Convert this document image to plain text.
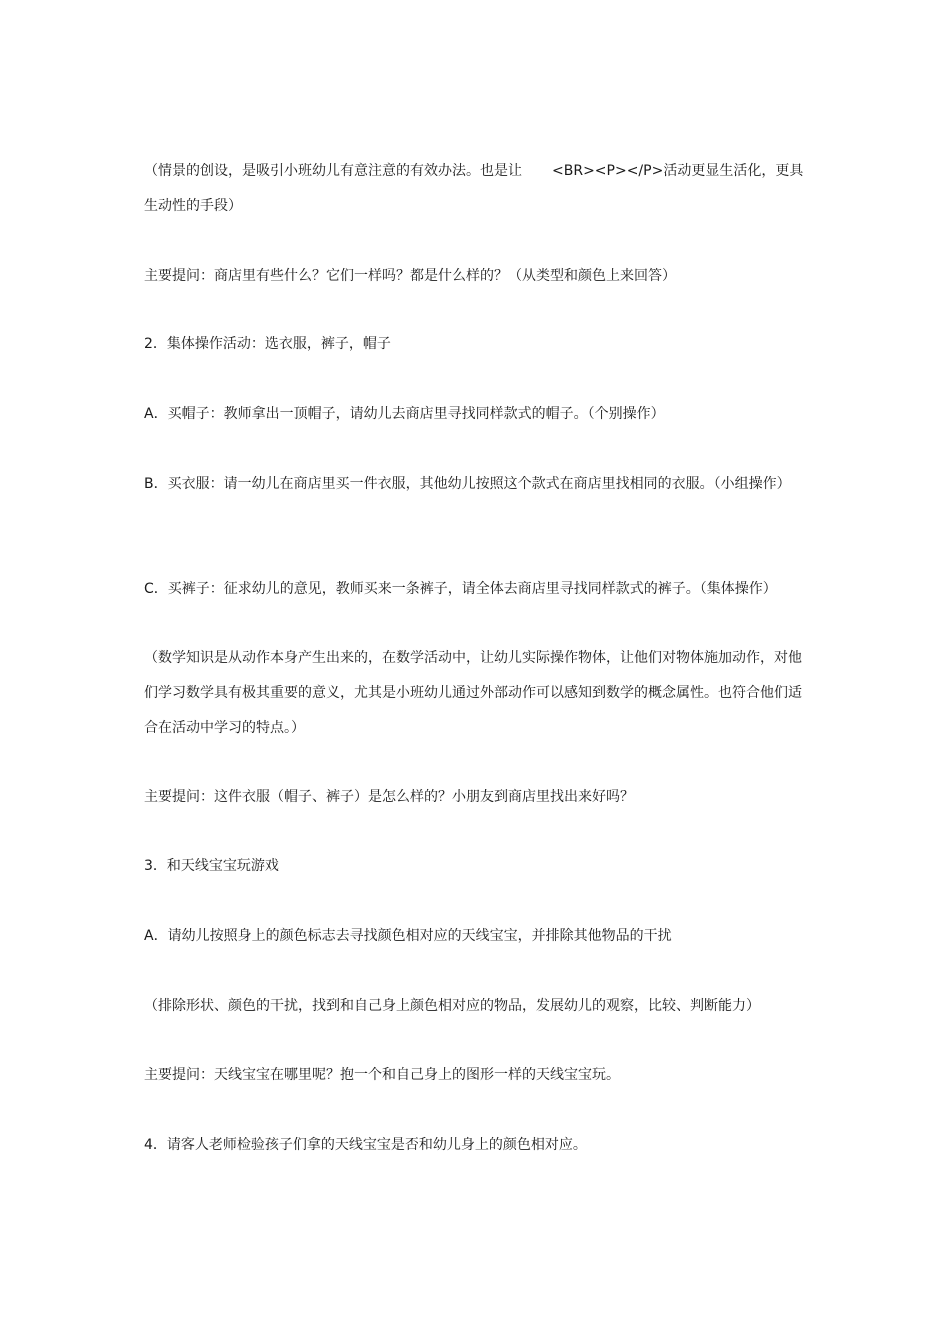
（情景的创设，是吸引小班幼儿有意注意的有效办法。也是让 <BR><P></P>活动更显生活化，更具生动性的手段）

主要提问：商店里有些什么？它们一样吗？都是什么样的？（从类型和颜色上来回答）

2．集体操作活动：选衣服，裤子，帽子

A．买帽子：教师拿出一顶帽子，请幼儿去商店里寻找同样款式的帽子。（个别操作）

B．买衣服：请一幼儿在商店里买一件衣服，其他幼儿按照这个款式在商店里找相同的衣服。（小组操作）

C．买裤子：征求幼儿的意见，教师买来一条裤子，请全体去商店里寻找同样款式的裤子。（集体操作）

（数学知识是从动作本身产生出来的，在数学活动中，让幼儿实际操作物体，让他们对物体施加动作，对他们学习数学具有极其重要的意义，尤其是小班幼儿通过外部动作可以感知到数学的概念属性。也符合他们适合在活动中学习的特点。）

主要提问：这件衣服（帽子、裤子）是怎么样的？小朋友到商店里找出来好吗？

3．和天线宝宝玩游戏

A．请幼儿按照身上的颜色标志去寻找颜色相对应的天线宝宝，并排除其他物品的干扰

（排除形状、颜色的干扰，找到和自己身上颜色相对应的物品，发展幼儿的观察，比较、判断能力）

主要提问：天线宝宝在哪里呢？抱一个和自己身上的图形一样的天线宝宝玩。

4．请客人老师检验孩子们拿的天线宝宝是否和幼儿身上的颜色相对应。
